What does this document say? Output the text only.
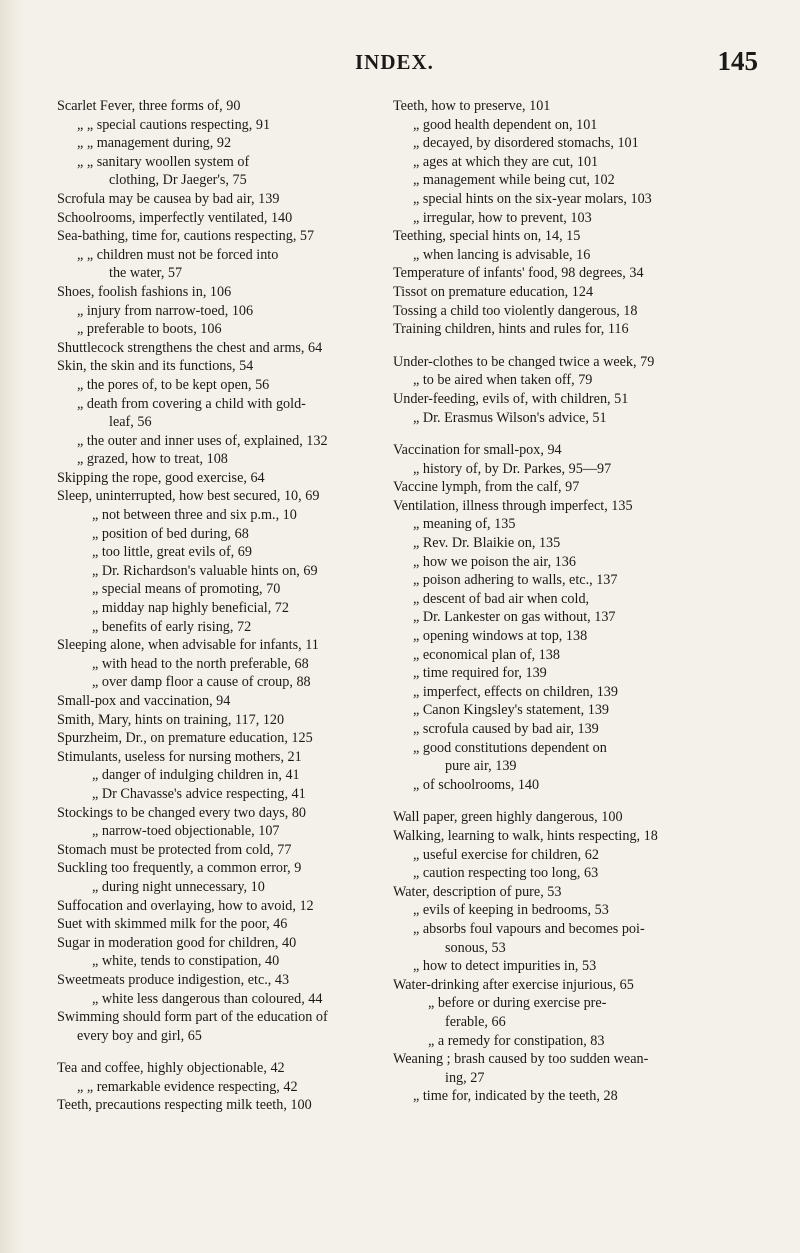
INDEX.	145
Scarlet Fever, three forms of, 90
„ „ special cautions respecting, 91
„ „ management during, 92
„ „ sanitary woollen system of
clothing, Dr Jaeger's, 75
Scrofula may be causea by bad air, 139
Schoolrooms, imperfectly ventilated, 140
Sea-bathing, time for, cautions respecting, 57
„ „ children must not be forced into
the water, 57
Shoes, foolish fashions in, 106
„ injury from narrow-toed, 106
„ preferable to boots, 106
Shuttlecock strengthens the chest and arms, 64
Skin, the skin and its functions, 54
„ the pores of, to be kept open, 56
„ death from covering a child with gold-
leaf, 56
„ the outer and inner uses of, explained, 132
„ grazed, how to treat, 108
Skipping the rope, good exercise, 64
Sleep, uninterrupted, how best secured, 10, 69
„ not between three and six p.m., 10
„ position of bed during, 68
„ too little, great evils of, 69
„ Dr. Richardson's valuable hints on, 69
„ special means of promoting, 70
„ midday nap highly beneficial, 72
„ benefits of early rising, 72
Sleeping alone, when advisable for infants, 11
„ with head to the north preferable, 68
„ over damp floor a cause of croup, 88
Small-pox and vaccination, 94
Smith, Mary, hints on training, 117, 120
Spurzheim, Dr., on premature education, 125
Stimulants, useless for nursing mothers, 21
„ danger of indulging children in, 41
„ Dr Chavasse's advice respecting, 41
Stockings to be changed every two days, 80
„ narrow-toed objectionable, 107
Stomach must be protected from cold, 77
Suckling too frequently, a common error, 9
„ during night unnecessary, 10
Suffocation and overlaying, how to avoid, 12
Suet with skimmed milk for the poor, 46
Sugar in moderation good for children, 40
„ white, tends to constipation, 40
Sweetmeats produce indigestion, etc., 43
„ white less dangerous than coloured, 44
Swimming should form part of the education of
every boy and girl, 65
Tea and coffee, highly objectionable, 42
„ „ remarkable evidence respecting, 42
Teeth, precautions respecting milk teeth, 100
Teeth, how to preserve, 101
„ good health dependent on, 101
„ decayed, by disordered stomachs, 101
„ ages at which they are cut, 101
„ management while being cut, 102
„ special hints on the six-year molars, 103
„ irregular, how to prevent, 103
Teething, special hints on, 14, 15
„ when lancing is advisable, 16
Temperature of infants' food, 98 degrees, 34
Tissot on premature education, 124
Tossing a child too violently dangerous, 18
Training children, hints and rules for, 116
Under-clothes to be changed twice a week, 79
„ to be aired when taken off, 79
Under-feeding, evils of, with children, 51
„ Dr. Erasmus Wilson's advice, 51
Vaccination for small-pox, 94
„ history of, by Dr. Parkes, 95—97
Vaccine lymph, from the calf, 97
Ventilation, illness through imperfect, 135
„ meaning of, 135
„ Rev. Dr. Blaikie on, 135
„ how we poison the air, 136
„ poison adhering to walls, etc., 137
„ descent of bad air when cold,
„ Dr. Lankester on gas without, 137
„ opening windows at top, 138
„ economical plan of, 138
„ time required for, 139
„ imperfect, effects on children, 139
„ Canon Kingsley's statement, 139
„ scrofula caused by bad air, 139
„ good constitutions dependent on
pure air, 139
„ of schoolrooms, 140
Wall paper, green highly dangerous, 100
Walking, learning to walk, hints respecting, 18
„ useful exercise for children, 62
„ caution respecting too long, 63
Water, description of pure, 53
„ evils of keeping in bedrooms, 53
„ absorbs foul vapours and becomes poi-
sonous, 53
„ how to detect impurities in, 53
Water-drinking after exercise injurious, 65
„ before or during exercise pre-
ferable, 66
„ a remedy for constipation, 83
Weaning ; brash caused by too sudden wean-
ing, 27
„ time for, indicated by the teeth, 28
